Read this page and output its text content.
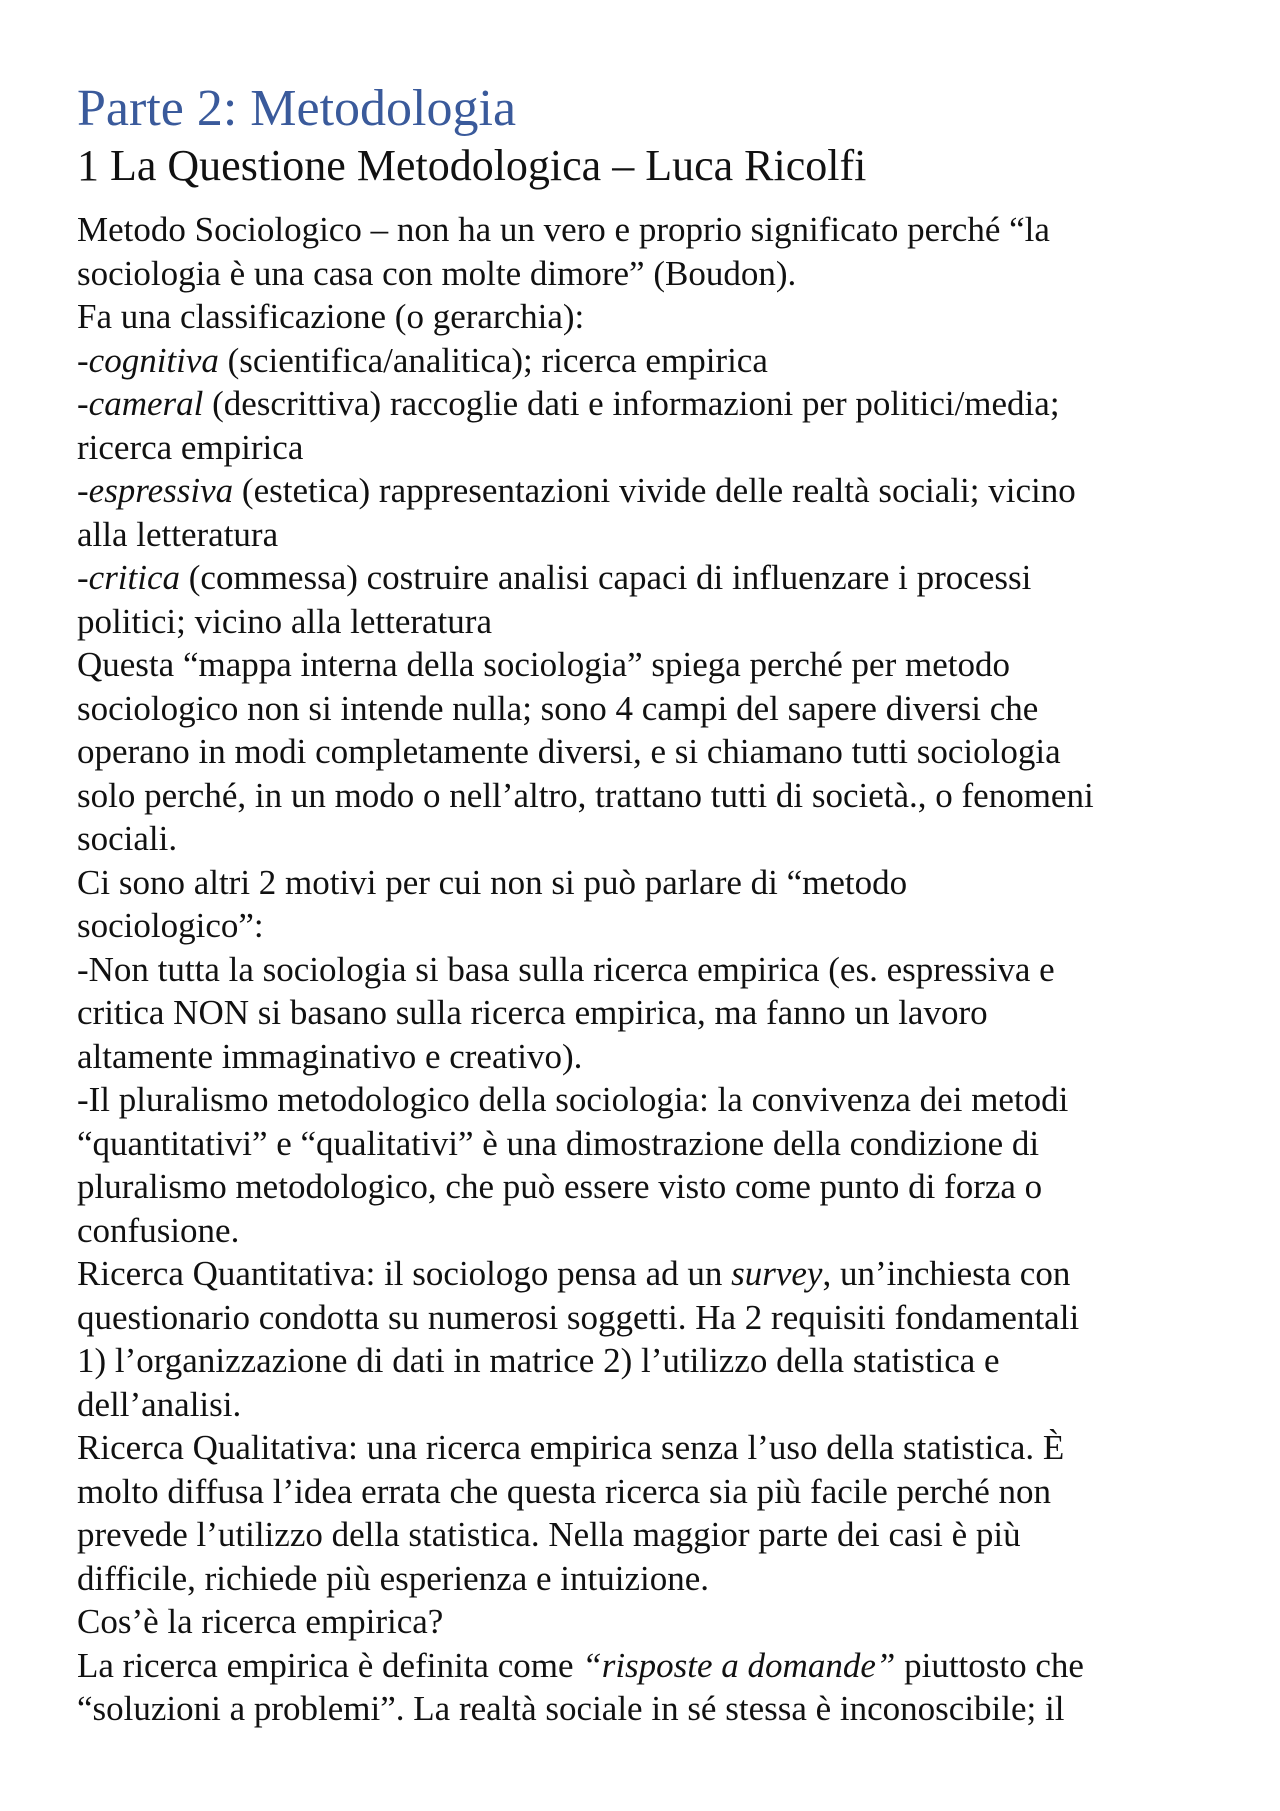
Parte 2: Metodologia
1 La Questione Metodologica – Luca Ricolfi

Metodo Sociologico – non ha un vero e proprio significato perché “la

sociologia è una casa con molte dimore” (Boudon).

Fa una classificazione (o gerarchia):

-cognitiva (scientifica/analitica); ricerca empirica

-cameral (descrittiva) raccoglie dati e informazioni per politici/media;

ricerca empirica

-espressiva (estetica) rappresentazioni vivide delle realtà sociali; vicino

alla letteratura

-critica (commessa) costruire analisi capaci di influenzare i processi

politici; vicino alla letteratura

Questa “mappa interna della sociologia” spiega perché per metodo

sociologico non si intende nulla; sono 4 campi del sapere diversi che

operano in modi completamente diversi, e si chiamano tutti sociologia

solo perché, in un modo o nell’altro, trattano tutti di società., o fenomeni

sociali.

Ci sono altri 2 motivi per cui non si può parlare di “metodo

sociologico”:

-Non tutta la sociologia si basa sulla ricerca empirica (es. espressiva e

critica NON si basano sulla ricerca empirica, ma fanno un lavoro

altamente immaginativo e creativo).

-Il pluralismo metodologico della sociologia: la convivenza dei metodi

“quantitativi” e “qualitativi” è una dimostrazione della condizione di

pluralismo metodologico, che può essere visto come punto di forza o

confusione.

Ricerca Quantitativa: il sociologo pensa ad un survey, un’inchiesta con

questionario condotta su numerosi soggetti. Ha 2 requisiti fondamentali

1) l’organizzazione di dati in matrice 2) l’utilizzo della statistica e

dell’analisi.

Ricerca Qualitativa: una ricerca empirica senza l’uso della statistica. È

molto diffusa l’idea errata che questa ricerca sia più facile perché non

prevede l’utilizzo della statistica. Nella maggior parte dei casi è più

difficile, richiede più esperienza e intuizione.

Cos’è la ricerca empirica?

La ricerca empirica è definita come “risposte a domande” piuttosto che

“soluzioni a problemi”. La realtà sociale in sé stessa è inconoscibile; il
